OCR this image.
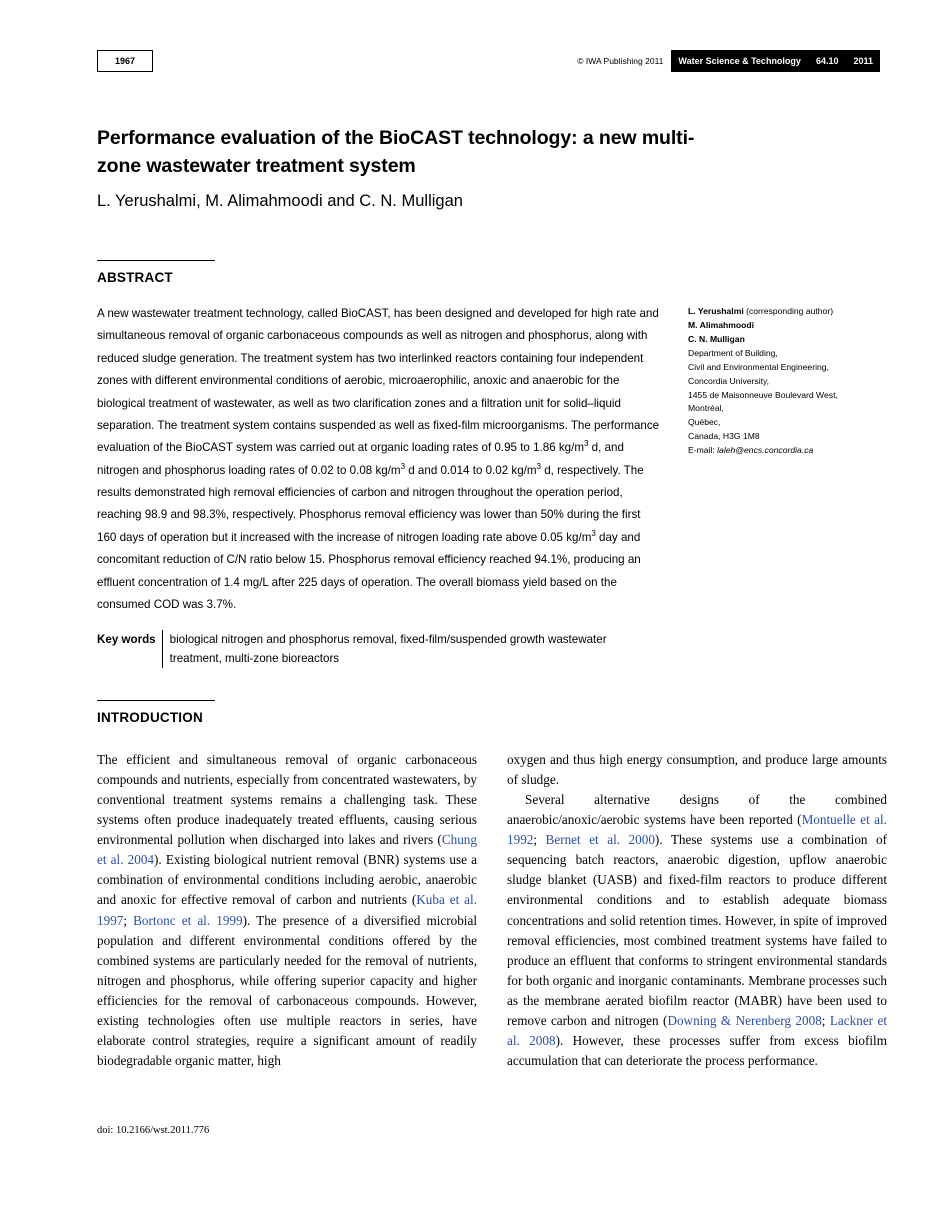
1967	© IWA Publishing 2011	Water Science & Technology	64.10	2011
Performance evaluation of the BioCAST technology: a new multi-zone wastewater treatment system
L. Yerushalmi, M. Alimahmoodi and C. N. Mulligan
ABSTRACT
A new wastewater treatment technology, called BioCAST, has been designed and developed for high rate and simultaneous removal of organic carbonaceous compounds as well as nitrogen and phosphorus, along with reduced sludge generation. The treatment system has two interlinked reactors containing four independent zones with different environmental conditions of aerobic, microaerophilic, anoxic and anaerobic for the biological treatment of wastewater, as well as two clarification zones and a filtration unit for solid–liquid separation. The treatment system contains suspended as well as fixed-film microorganisms. The performance evaluation of the BioCAST system was carried out at organic loading rates of 0.95 to 1.86 $kg/m^3$ d, and nitrogen and phosphorus loading rates of 0.02 to 0.08 $kg/m^3$ d and 0.014 to 0.02 $kg/m^3$ d, respectively. The results demonstrated high removal efficiencies of carbon and nitrogen throughout the operation period, reaching 98.9 and 98.3%, respectively. Phosphorus removal efficiency was lower than 50% during the first 160 days of operation but it increased with the increase of nitrogen loading rate above 0.05 $kg/m^3$ day and concomitant reduction of C/N ratio below 15. Phosphorus removal efficiency reached 94.1%, producing an effluent concentration of 1.4 mg/L after 225 days of operation. The overall biomass yield based on the consumed COD was 3.7%.
Key words	biological nitrogen and phosphorus removal, fixed-film/suspended growth wastewater treatment, multi-zone bioreactors
L. Yerushalmi (corresponding author)
M. Alimahmoodi
C. N. Mulligan
Department of Building,
Civil and Environmental Engineering,
Concordia University,
1455 de Maisonneuve Boulevard West,
Montréal,
Québec,
Canada, H3G 1M8
E-mail: laleh@encs.concordia.ca
INTRODUCTION

The efficient and simultaneous removal of organic carbonaceous compounds and nutrients, especially from concentrated wastewaters, by conventional treatment systems remains a challenging task. These systems often produce inadequately treated effluents, causing serious environmental pollution when discharged into lakes and rivers (Chung et al. 2004). Existing biological nutrient removal (BNR) systems use a combination of environmental conditions including aerobic, anaerobic and anoxic for effective removal of carbon and nutrients (Kuba et al. 1997; Bortonc et al. 1999). The presence of a diversified microbial population and different environmental conditions offered by the combined systems are particularly needed for the removal of nutrients, nitrogen and phosphorus, while offering superior capacity and higher efficiencies for the removal of carbonaceous compounds. However, existing technologies often use multiple reactors in series, have elaborate control strategies, require a significant amount of readily biodegradable organic matter, high

oxygen and thus high energy consumption, and produce large amounts of sludge.

Several alternative designs of the combined anaerobic/anoxic/aerobic systems have been reported (Montuelle et al. 1992; Bernet et al. 2000). These systems use a combination of sequencing batch reactors, anaerobic digestion, upflow anaerobic sludge blanket (UASB) and fixed-film reactors to produce different environmental conditions and to establish adequate biomass concentrations and solid retention times. However, in spite of improved removal efficiencies, most combined treatment systems have failed to produce an effluent that conforms to stringent environmental standards for both organic and inorganic contaminants. Membrane processes such as the membrane aerated biofilm reactor (MABR) have been used to remove carbon and nitrogen (Downing & Nerenberg 2008; Lackner et al. 2008). However, these processes suffer from excess biofilm accumulation that can deteriorate the process performance.

doi: 10.2166/wst.2011.776
